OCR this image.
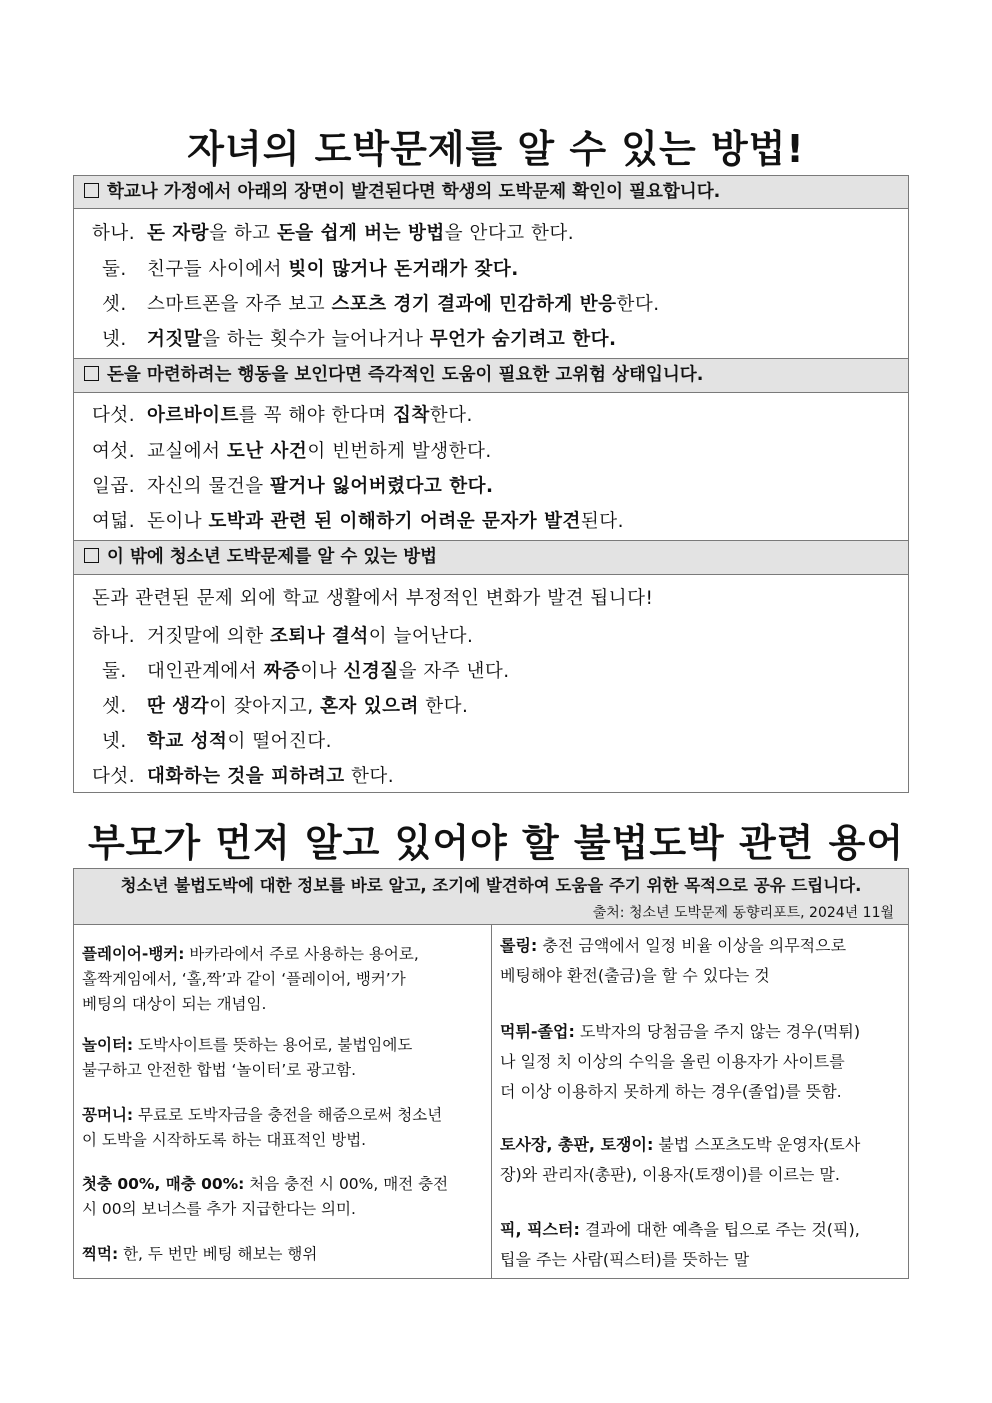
자녀의 도박문제를 알 수 있는 방법!
학교나 가정에서 아래의 장면이 발견된다면 학생의 도박문제 확인이 필요합니다.
하나. 돈 자랑을 하고 돈을 쉽게 버는 방법을 안다고 한다.
둘. 친구들 사이에서 빚이 많거나 돈거래가 잦다.
셋. 스마트폰을 자주 보고 스포츠 경기 결과에 민감하게 반응한다.
넷. 거짓말을 하는 횟수가 늘어나거나 무언가 숨기려고 한다.
돈을 마련하려는 행동을 보인다면 즉각적인 도움이 필요한 고위험 상태입니다.
다섯. 아르바이트를 꼭 해야 한다며 집착한다.
여섯. 교실에서 도난 사건이 빈번하게 발생한다.
일곱. 자신의 물건을 팔거나 잃어버렸다고 한다.
여덟. 돈이나 도박과 관련 된 이해하기 어려운 문자가 발견된다.
이 밖에 청소년 도박문제를 알 수 있는 방법
돈과 관련된 문제 외에 학교 생활에서 부정적인 변화가 발견 됩니다!
하나. 거짓말에 의한 조퇴나 결석이 늘어난다.
둘. 대인관계에서 짜증이나 신경질을 자주 낸다.
셋. 딴 생각이 잦아지고, 혼자 있으려 한다.
넷. 학교 성적이 떨어진다.
다섯. 대화하는 것을 피하려고 한다.
부모가 먼저 알고 있어야 할 불법도박 관련 용어
청소년 불법도박에 대한 정보를 바로 알고, 조기에 발견하여 도움을 주기 위한 목적으로 공유 드립니다.
출처: 청소년 도박문제 동향리포트, 2024년 11월
플레이어-뱅커: 바카라에서 주로 사용하는 용어로,
홀짝게임에서, ‘홀,짝’과 같이 ‘플레이어, 뱅커’가
베팅의 대상이 되는 개념임.
놀이터: 도박사이트를 뜻하는 용어로, 불법임에도
불구하고 안전한 합법 ‘놀이터’로 광고함.
꽁머니: 무료로 도박자금을 충전을 해줌으로써 청소년
이 도박을 시작하도록 하는 대표적인 방법.
첫충 00%, 매충 00%: 처음 충전 시 00%, 매전 충전
시 00의 보너스를 추가 지급한다는 의미.
찍먹: 한, 두 번만 베팅 해보는 행위
롤링: 충전 금액에서 일정 비율 이상을 의무적으로
베팅해야 환전(출금)을 할 수 있다는 것
먹튀-졸업: 도박자의 당첨금을 주지 않는 경우(먹튀)
나 일정 치 이상의 수익을 올린 이용자가 사이트를
더 이상 이용하지 못하게 하는 경우(졸업)를 뜻함.
토사장, 총판, 토쟁이: 불법 스포츠도박 운영자(토사
장)와 관리자(총판), 이용자(토쟁이)를 이르는 말.
픽, 픽스터: 결과에 대한 예측을 팁으로 주는 것(픽),
팁을 주는 사람(픽스터)를 뜻하는 말
